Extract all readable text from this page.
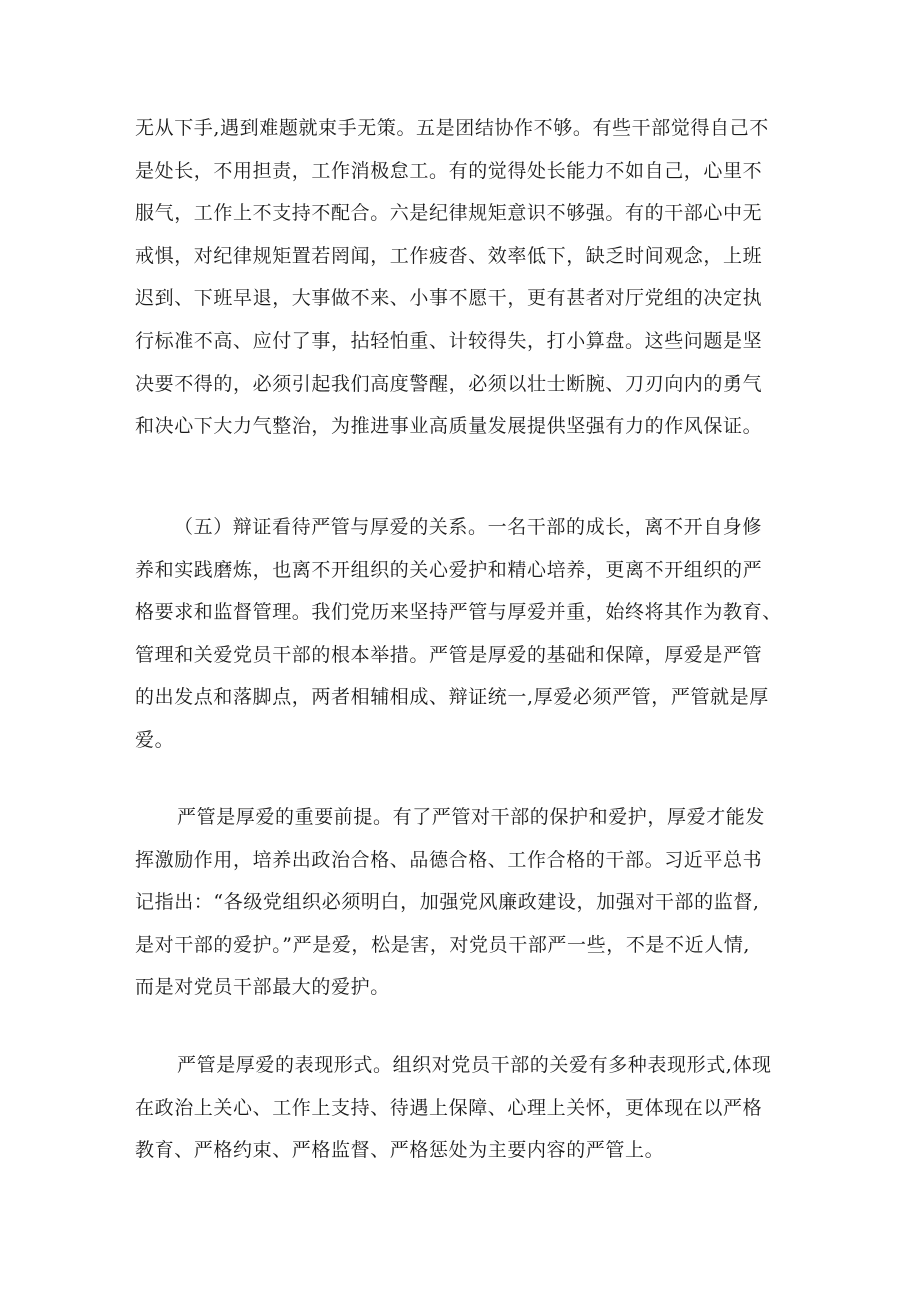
无从下手,遇到难题就束手无策。五是团结协作不够。有些干部觉得自己不
是处长，不用担责，工作消极怠工。有的觉得处长能力不如自己，心里不
服气，工作上不支持不配合。六是纪律规矩意识不够强。有的干部心中无
戒惧，对纪律规矩置若罔闻，工作疲沓、效率低下，缺乏时间观念，上班
迟到、下班早退，大事做不来、小事不愿干，更有甚者对厅党组的决定执
行标准不高、应付了事，拈轻怕重、计较得失，打小算盘。这些问题是坚
决要不得的，必须引起我们高度警醒，必须以壮士断腕、刀刃向内的勇气
和决心下大力气整治，为推进事业高质量发展提供坚强有力的作风保证。
（五）辩证看待严管与厚爱的关系。一名干部的成长，离不开自身修
养和实践磨炼，也离不开组织的关心爱护和精心培养，更离不开组织的严
格要求和监督管理。我们党历来坚持严管与厚爱并重，始终将其作为教育、
管理和关爱党员干部的根本举措。严管是厚爱的基础和保障，厚爱是严管
的出发点和落脚点，两者相辅相成、辩证统一,厚爱必须严管，严管就是厚
爱。
严管是厚爱的重要前提。有了严管对干部的保护和爱护，厚爱才能发
挥激励作用，培养出政治合格、品德合格、工作合格的干部。习近平总书
记指出：“各级党组织必须明白，加强党风廉政建设，加强对干部的监督,
是对干部的爱护。”严是爱，松是害，对党员干部严一些，不是不近人情,
而是对党员干部最大的爱护。
严管是厚爱的表现形式。组织对党员干部的关爱有多种表现形式,体现
在政治上关心、工作上支持、待遇上保障、心理上关怀，更体现在以严格
教育、严格约束、严格监督、严格惩处为主要内容的严管上。
